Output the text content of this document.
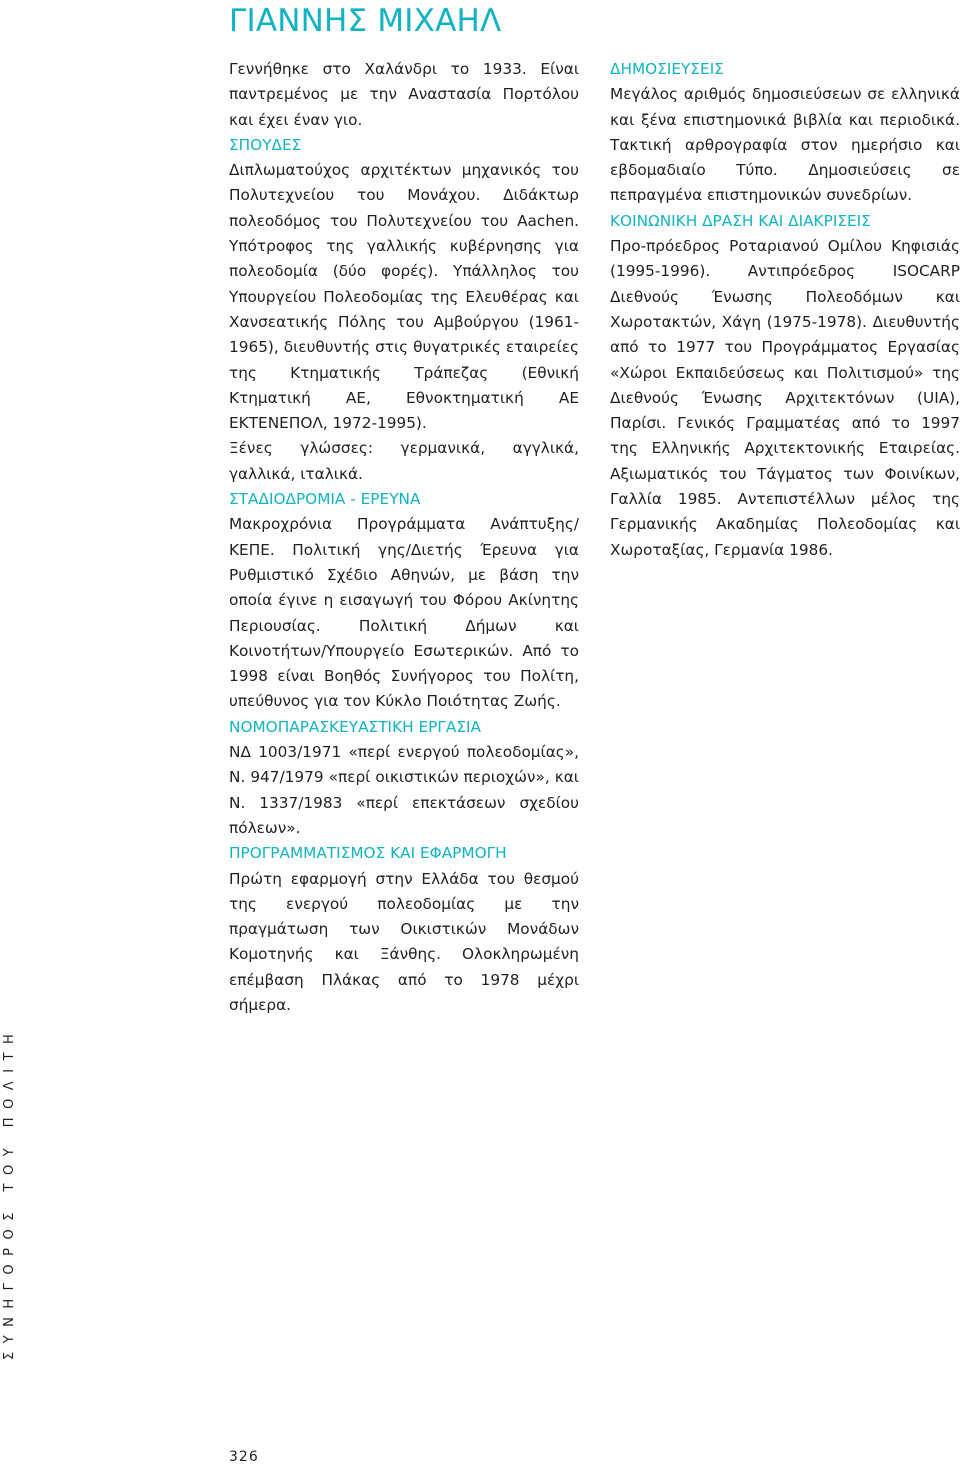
ΓΙΑΝΝΗΣ ΜΙΧΑΗΛ

Γεννήθηκε στο Χαλάνδρι το 1933. Είναι παντρεμένος με την Αναστασία Πορτόλου και έχει έναν γιο.

ΣΠΟΥΔΕΣ

Διπλωματούχος αρχιτέκτων μηχανικός του Πολυτεχνείου του Μονάχου. Διδάκτωρ πολεοδόμος του Πολυτεχνείου του Aachen. Υπότροφος της γαλλικής κυβέρνησης για πολεοδομία (δύο φορές). Υπάλληλος του Υπουργείου Πολεοδομίας της Ελευθέρας και Χανσεατικής Πόλης του Αμβούργου (1961-1965), διευθυντής στις θυγατρικές εταιρείες της Κτηματικής Τράπεζας (Εθνική Κτηματική ΑΕ, Εθνοκτηματική ΑΕ ΕΚΤΕΝΕΠΟΛ, 1972-1995).

Ξένες γλώσσες: γερμανικά, αγγλικά, γαλλικά, ιταλικά.

ΣΤΑΔΙΟΔΡΟΜΙΑ - ΕΡΕΥΝΑ

Μακροχρόνια Προγράμματα Ανάπτυξης/ΚΕΠΕ. Πολιτική γης/Διετής Έρευνα για Ρυθμιστικό Σχέδιο Αθηνών, με βάση την οποία έγινε η εισαγωγή του Φόρου Ακίνητης Περιουσίας. Πολιτική Δήμων και Κοινοτήτων/Υπουργείο Εσωτερικών. Από το 1998 είναι Βοηθός Συνήγορος του Πολίτη, υπεύθυνος για τον Κύκλο Ποιότητας Ζωής.

ΝΟΜΟΠΑΡΑΣΚΕΥΑΣΤΙΚΗ ΕΡΓΑΣΙΑ

ΝΔ 1003/1971 «περί ενεργού πολεοδομίας», Ν. 947/1979 «περί οικιστικών περιοχών», και Ν. 1337/1983 «περί επεκτάσεων σχεδίου πόλεων».

ΠΡΟΓΡΑΜΜΑΤΙΣΜΟΣ ΚΑΙ ΕΦΑΡΜΟΓΗ

Πρώτη εφαρμογή στην Ελλάδα του θεσμού της ενεργού πολεοδομίας με την πραγμάτωση των Οικιστικών Μονάδων Κομοτηνής και Ξάνθης. Ολοκληρωμένη επέμβαση Πλάκας από το 1978 μέχρι σήμερα.

ΔΗΜΟΣΙΕΥΣΕΙΣ

Μεγάλος αριθμός δημοσιεύσεων σε ελληνικά και ξένα επιστημονικά βιβλία και περιοδικά. Τακτική αρθρογραφία στον ημερήσιο και εβδομαδιαίο Τύπο. Δημοσιεύσεις σε πεπραγμένα επιστημονικών συνεδρίων.

ΚΟΙΝΩΝΙΚΗ ΔΡΑΣΗ ΚΑΙ ΔΙΑΚΡΙΣΕΙΣ

Προ-πρόεδρος Ροταριανού Ομίλου Κηφισιάς (1995-1996). Αντιπρόεδρος ISOCARP Διεθνούς Ένωσης Πολεοδόμων και Χωροτακτών, Χάγη (1975-1978). Διευθυντής από το 1977 του Προγράμματος Εργασίας «Χώροι Εκπαιδεύσεως και Πολιτισμού» της Διεθνούς Ένωσης Αρχιτεκτόνων (UIA), Παρίσι. Γενικός Γραμματέας από το 1997 της Ελληνικής Αρχιτεκτονικής Εταιρείας. Αξιωματικός του Τάγματος των Φοινίκων, Γαλλία 1985. Αντεπιστέλλων μέλος της Γερμανικής Ακαδημίας Πολεοδομίας και Χωροταξίας, Γερμανία 1986.

ΣΥΝΗΓΟΡΟΣ ΤΟΥ ΠΟΛΙΤΗ
326
